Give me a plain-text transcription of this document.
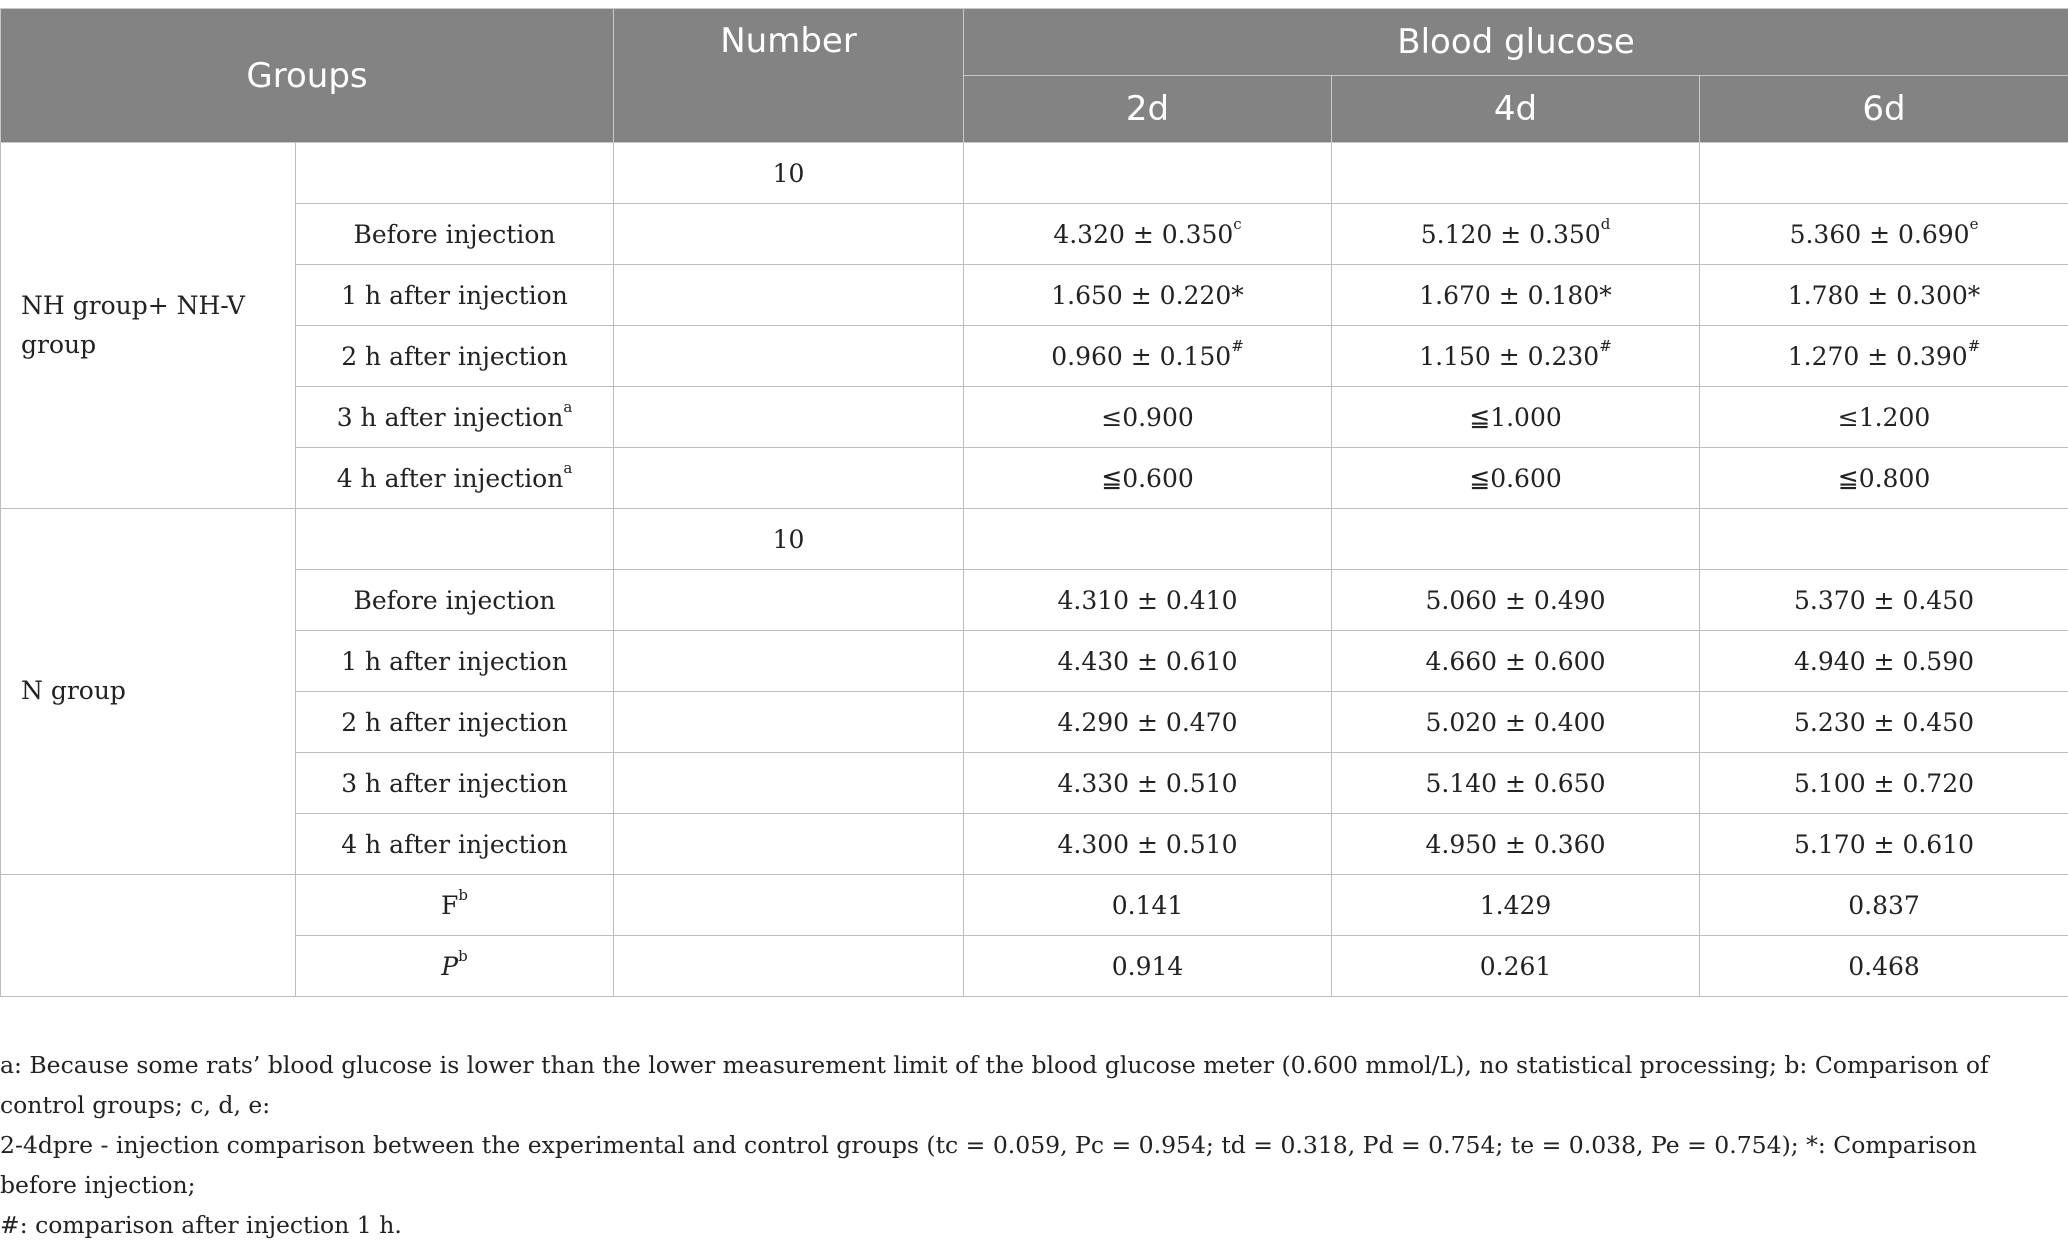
Groups		Number	Blood glucose		
			2d	4d	6d
NH group+ NH-V group		10			
	Before injection		4.320 ± 0.350$^c$	5.120 ± 0.350$^d$	5.360 ± 0.690$^e$
	1 h after injection		1.650 ± 0.220*	1.670 ± 0.180*	1.780 ± 0.300*
	2 h after injection		0.960 ± 0.150#	1.150 ± 0.230#	1.270 ± 0.390#
	3 h after injection$^a$		≤0.900	≦1.000	≤1.200
	4 h after injection$^a$		≦0.600	≦0.600	≦0.800
N group		10			
	Before injection		4.310 ± 0.410	5.060 ± 0.490	5.370 ± 0.450
	1 h after injection		4.430 ± 0.610	4.660 ± 0.600	4.940 ± 0.590
	2 h after injection		4.290 ± 0.470	5.020 ± 0.400	5.230 ± 0.450
	3 h after injection		4.330 ± 0.510	5.140 ± 0.650	5.100 ± 0.720
	4 h after injection		4.300 ± 0.510	4.950 ± 0.360	5.170 ± 0.610
	$F^b$		0.141	1.429	0.837
	$P^b$		0.914	0.261	0.468
a: Because some rats’ blood glucose is lower than the lower measurement limit of the blood glucose meter (0.600 mmol/L), no statistical processing; b: Comparison of control groups; c, d, e:
2-4dpre - injection comparison between the experimental and control groups (tc = 0.059, Pc = 0.954; td = 0.318, Pd = 0.754; te = 0.038, Pe = 0.754); *: Comparison before injection;
#: comparison after injection 1 h.
